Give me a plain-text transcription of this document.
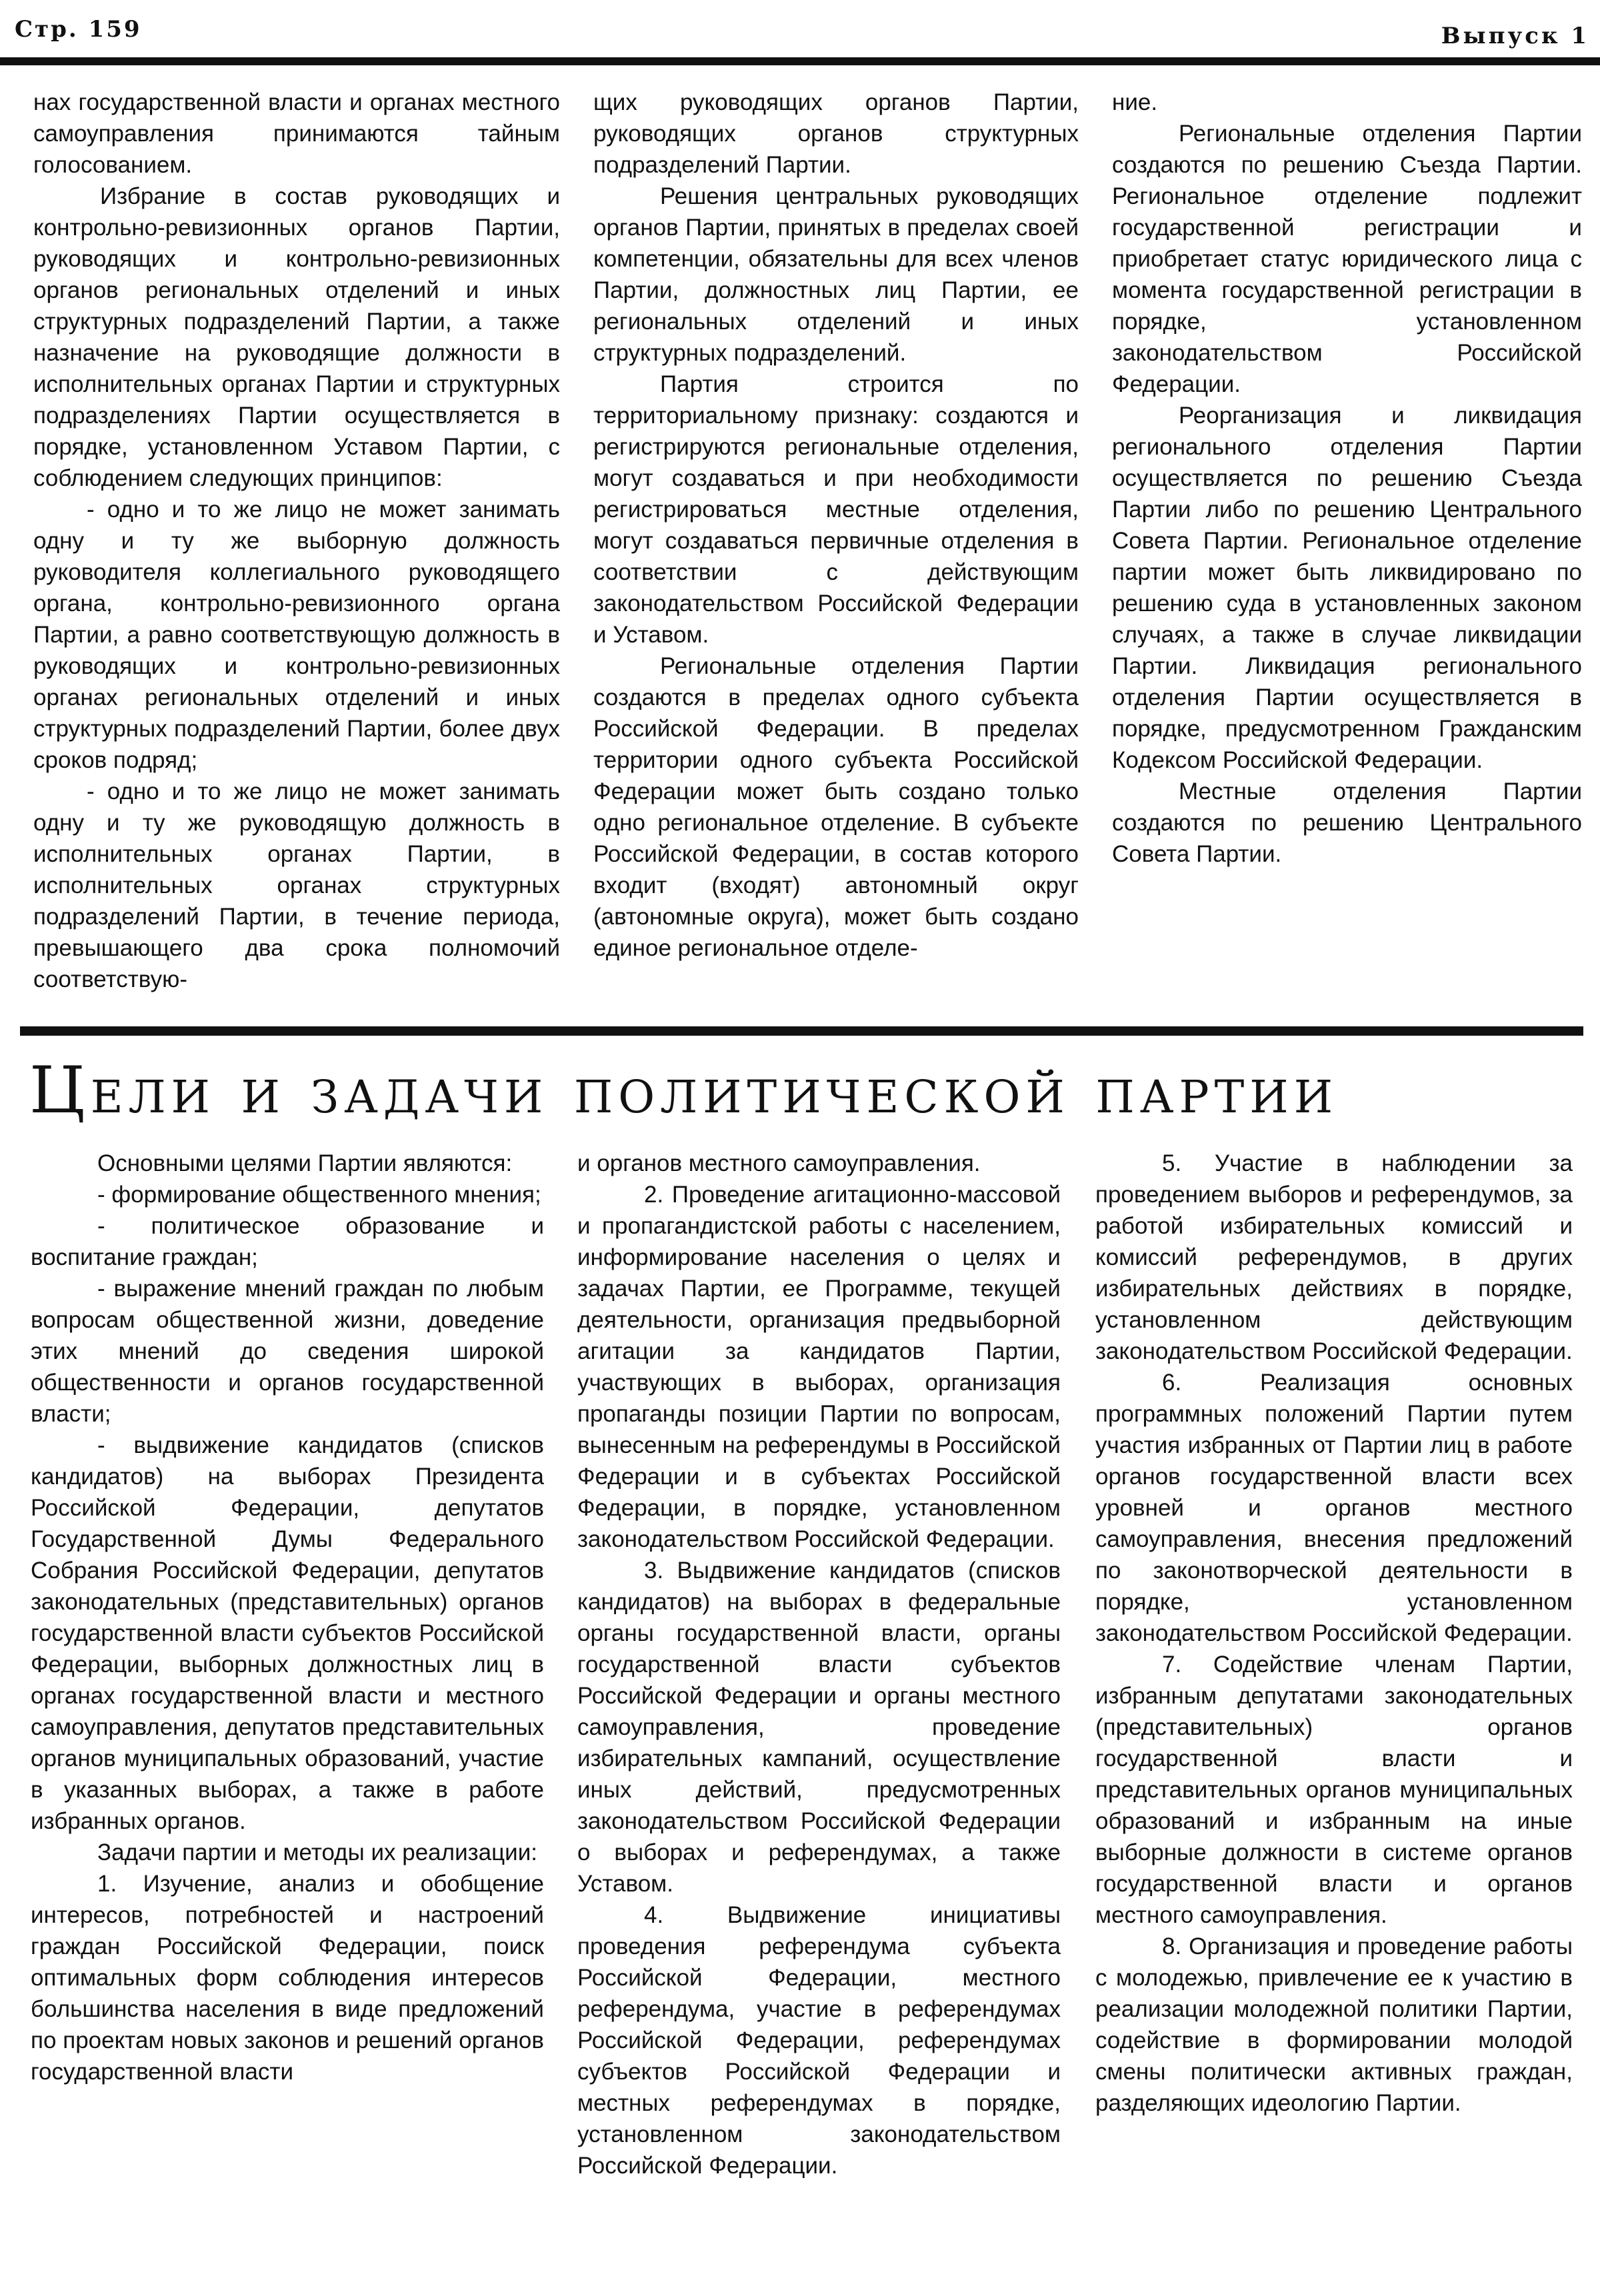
Стр. 159	Выпуск 1

нах государственной власти и органах местного самоуправления принимаются тайным голосованием.

Избрание в состав руководящих и контрольно-ревизионных органов Партии, руководящих и контрольно-ревизионных органов региональных отделений и иных структурных подразделений Партии, а также назначение на руководящие должности в исполнительных органах Партии и структурных подразделениях Партии осуществляется в порядке, установленном Уставом Партии, с соблюдением следующих принципов:

- одно и то же лицо не может занимать одну и ту же выборную должность руководителя коллегиального руководящего органа, контрольно-ревизионного органа Партии, а равно соответствующую должность в руководящих и контрольно-ревизионных органах региональных отделений и иных структурных подразделений Партии, более двух сроков подряд;

- одно и то же лицо не может занимать одну и ту же руководящую должность в исполнительных органах Партии, в исполнительных органах структурных подразделений Партии, в течение периода, превышающего два срока полномочий соответствую-

щих руководящих органов Партии, руководящих органов структурных подразделений Партии.

Решения центральных руководящих органов Партии, принятых в пределах своей компетенции, обязательны для всех членов Партии, должностных лиц Партии, ее региональных отделений и иных структурных подразделений.

Партия строится по территориальному признаку: создаются и регистрируются региональные отделения, могут создаваться и при необходимости регистрироваться местные отделения, могут создаваться первичные отделения в соответствии с действующим законодательством Российской Федерации и Уставом.

Региональные отделения Партии создаются в пределах одного субъекта Российской Федерации. В пределах территории одного субъекта Российской Федерации может быть создано только одно региональное отделение. В субъекте Российской Федерации, в состав которого входит (входят) автономный округ (автономные округа), может быть создано единое региональное отделе-

ние.

Региональные отделения Партии создаются по решению Съезда Партии. Региональное отделение подлежит государственной регистрации и приобретает статус юридического лица с момента государственной регистрации в порядке, установленном законодательством Российской Федерации.

Реорганизация и ликвидация регионального отделения Партии осуществляется по решению Съезда Партии либо по решению Центрального Совета Партии. Региональное отделение партии может быть ликвидировано по решению суда в установленных законом случаях, а также в случае ликвидации Партии. Ликвидация регионального отделения Партии осуществляется в порядке, предусмотренном Гражданским Кодексом Российской Федерации.

Местные отделения Партии создаются по решению Центрального Совета Партии.

Цели и задачи политической партии

Основными целями Партии являются:

- формирование общественного мнения;

- политическое образование и воспитание граждан;

- выражение мнений граждан по любым вопросам общественной жизни, доведение этих мнений до сведения широкой общественности и органов государственной власти;

- выдвижение кандидатов (списков кандидатов) на выборах Президента Российской Федерации, депутатов Государственной Думы Федерального Собрания Российской Федерации, депутатов законодательных (представительных) органов государственной власти субъектов Российской Федерации, выборных должностных лиц в органах государственной власти и местного самоуправления, депутатов представительных органов муниципальных образований, участие в указанных выборах, а также в работе избранных органов.

Задачи партии и методы их реализации:

1. Изучение, анализ и обобщение интересов, потребностей и настроений граждан Российской Федерации, поиск оптимальных форм соблюдения интересов большинства населения в виде предложений по проектам новых законов и решений органов государственной власти

и органов местного самоуправления.

2. Проведение агитационно-массовой и пропагандистской работы с населением, информирование населения о целях и задачах Партии, ее Программе, текущей деятельности, организация предвыборной агитации за кандидатов Партии, участвующих в выборах, организация пропаганды позиции Партии по вопросам, вынесенным на референдумы в Российской Федерации и в субъектах Российской Федерации, в порядке, установленном законодательством Российской Федерации.

3. Выдвижение кандидатов (списков кандидатов) на выборах в федеральные органы государственной власти, органы государственной власти субъектов Российской Федерации и органы местного самоуправления, проведение избирательных кампаний, осуществление иных действий, предусмотренных законодательством Российской Федерации о выборах и референдумах, а также Уставом.

4. Выдвижение инициативы проведения референдума субъекта Российской Федерации, местного референдума, участие в референдумах Российской Федерации, референдумах субъектов Российской Федерации и местных референдумах в порядке, установленном законодательством Российской Федерации.

5. Участие в наблюдении за проведением выборов и референдумов, за работой избирательных комиссий и комиссий референдумов, в других избирательных действиях в порядке, установленном действующим законодательством Российской Федерации.

6. Реализация основных программных положений Партии путем участия избранных от Партии лиц в работе органов государственной власти всех уровней и органов местного самоуправления, внесения предложений по законотворческой деятельности в порядке, установленном законодательством Российской Федерации.

7. Содействие членам Партии, избранным депутатами законодательных (представительных) органов государственной власти и представительных органов муниципальных образований и избранным на иные выборные должности в системе органов государственной власти и органов местного самоуправления.

8. Организация и проведение работы с молодежью, привлечение ее к участию в реализации молодежной политики Партии, содействие в формировании молодой смены политически активных граждан, разделяющих идеологию Партии.
